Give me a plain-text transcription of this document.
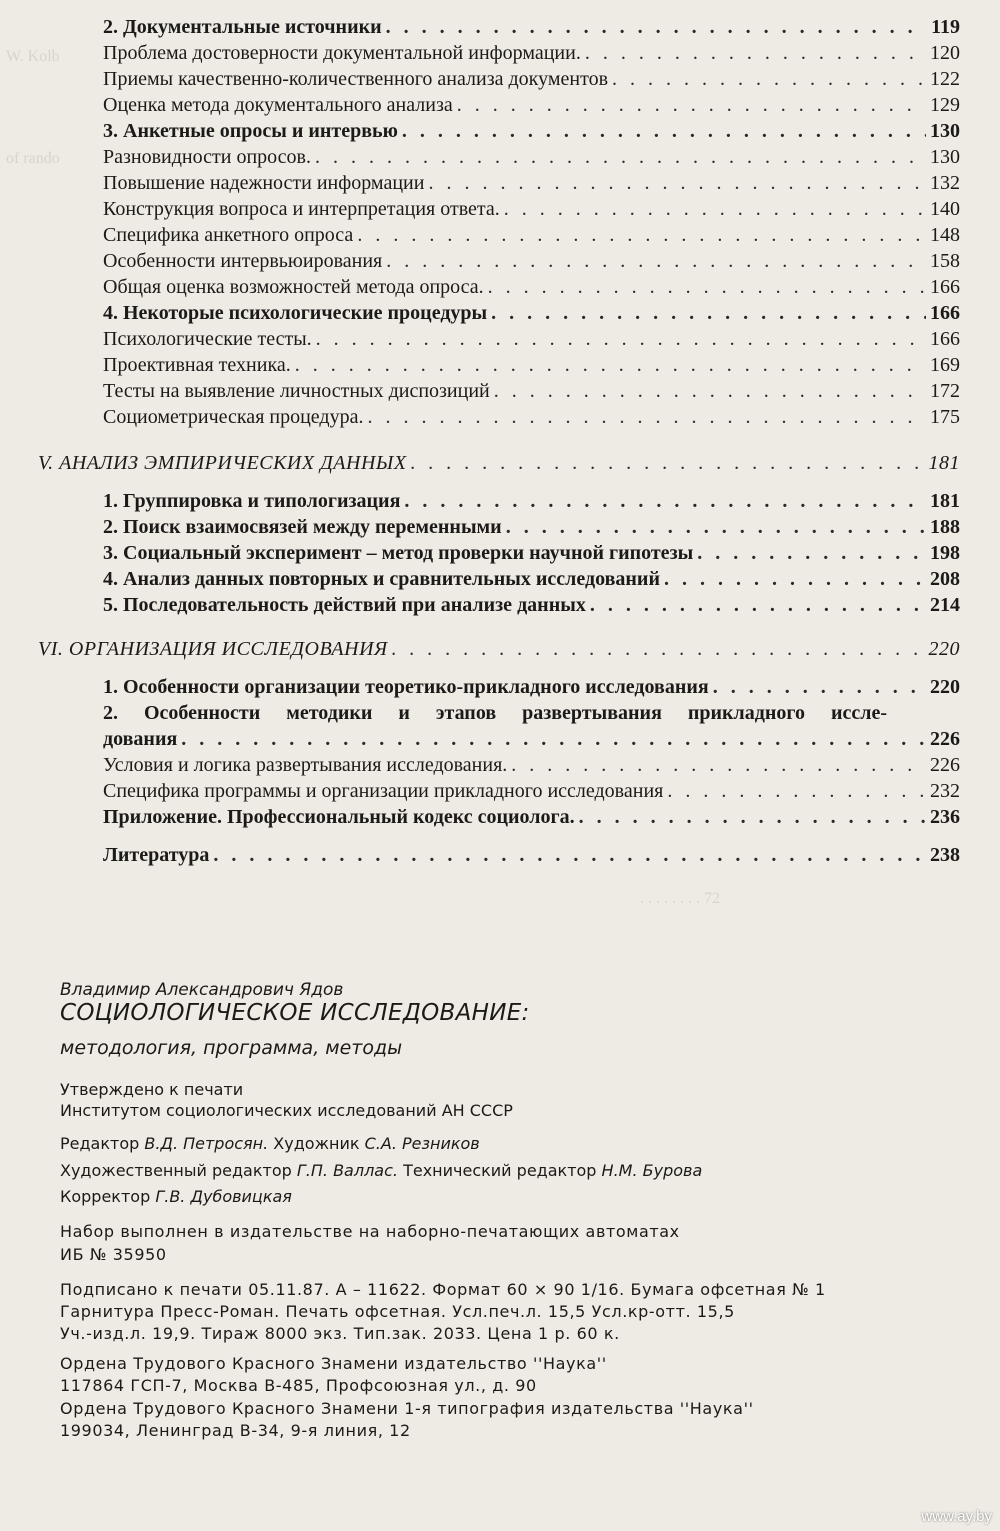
W. Kolb
of rando
. . . . . . . . 72
2. Документальные источники . . .	119
Проблема достоверности документальной информации. . . .	120
Приемы качественно-количественного анализа документов . . .	122
Оценка метода документального анализа . . .	129
3. Анкетные опросы и интервью . . .	130
Разновидности опросов. . . .	130
Повышение надежности информации . . .	132
Конструкция вопроса и интерпретация ответа. . . .	140
Специфика анкетного опроса . . .	148
Особенности интервьюирования . . .	158
Общая оценка возможностей метода опроса. . . .	166
4. Некоторые психологические процедуры . . .	166
Психологические тесты. . . .	166
Проективная техника. . . .	169
Тесты на выявление личностных диспозиций . . .	172
Социометрическая процедура. . . .	175
V. АНАЛИЗ ЭМПИРИЧЕСКИХ ДАННЫХ . . .	181
1. Группировка и типологизация . . .	181
2. Поиск взаимосвязей между переменными . . .	188
3. Социальный эксперимент – метод проверки научной гипотезы . . .	198
4. Анализ данных повторных и сравнительных исследований . . .	208
5. Последовательность действий при анализе данных . . .	214
VI. ОРГАНИЗАЦИЯ ИССЛЕДОВАНИЯ . . .	220
1. Особенности организации теоретико-прикладного исследования . . .	220
2. Особенности методики и этапов развертывания прикладного иссле-
дования . . .	226
Условия и логика развертывания исследования. . . .	226
Специфика программы и организации прикладного исследования . . .	232
Приложение. Профессиональный кодекс социолога. . . .	236
Литература . . .	238
Владимир Александрович Ядов
СОЦИОЛОГИЧЕСКОЕ ИССЛЕДОВАНИЕ:
методология, программа, методы
Утверждено к печати
Институтом социологических исследований АН СССР
Редактор В.Д. Петросян. Художник С.А. Резников
Художественный редактор Г.П. Валлас. Технический редактор Н.М. Бурова
Корректор Г.В. Дубовицкая
Набор выполнен в издательстве на наборно-печатающих автоматах
ИБ № 35950
Подписано к печати 05.11.87. А – 11622. Формат 60 × 90 1/16. Бумага офсетная № 1
Гарнитура Пресс-Роман. Печать офсетная. Усл.печ.л. 15,5 Усл.кр-отт. 15,5
Уч.-изд.л. 19,9. Тираж 8000 экз. Тип.зак. 2033. Цена 1 р. 60 к.
Ордена Трудового Красного Знамени издательство ''Наука''
117864 ГСП-7, Москва В-485, Профсоюзная ул., д. 90
Ордена Трудового Красного Знамени 1-я типография издательства ''Наука''
199034, Ленинград В-34, 9-я линия, 12
www.ay.by
